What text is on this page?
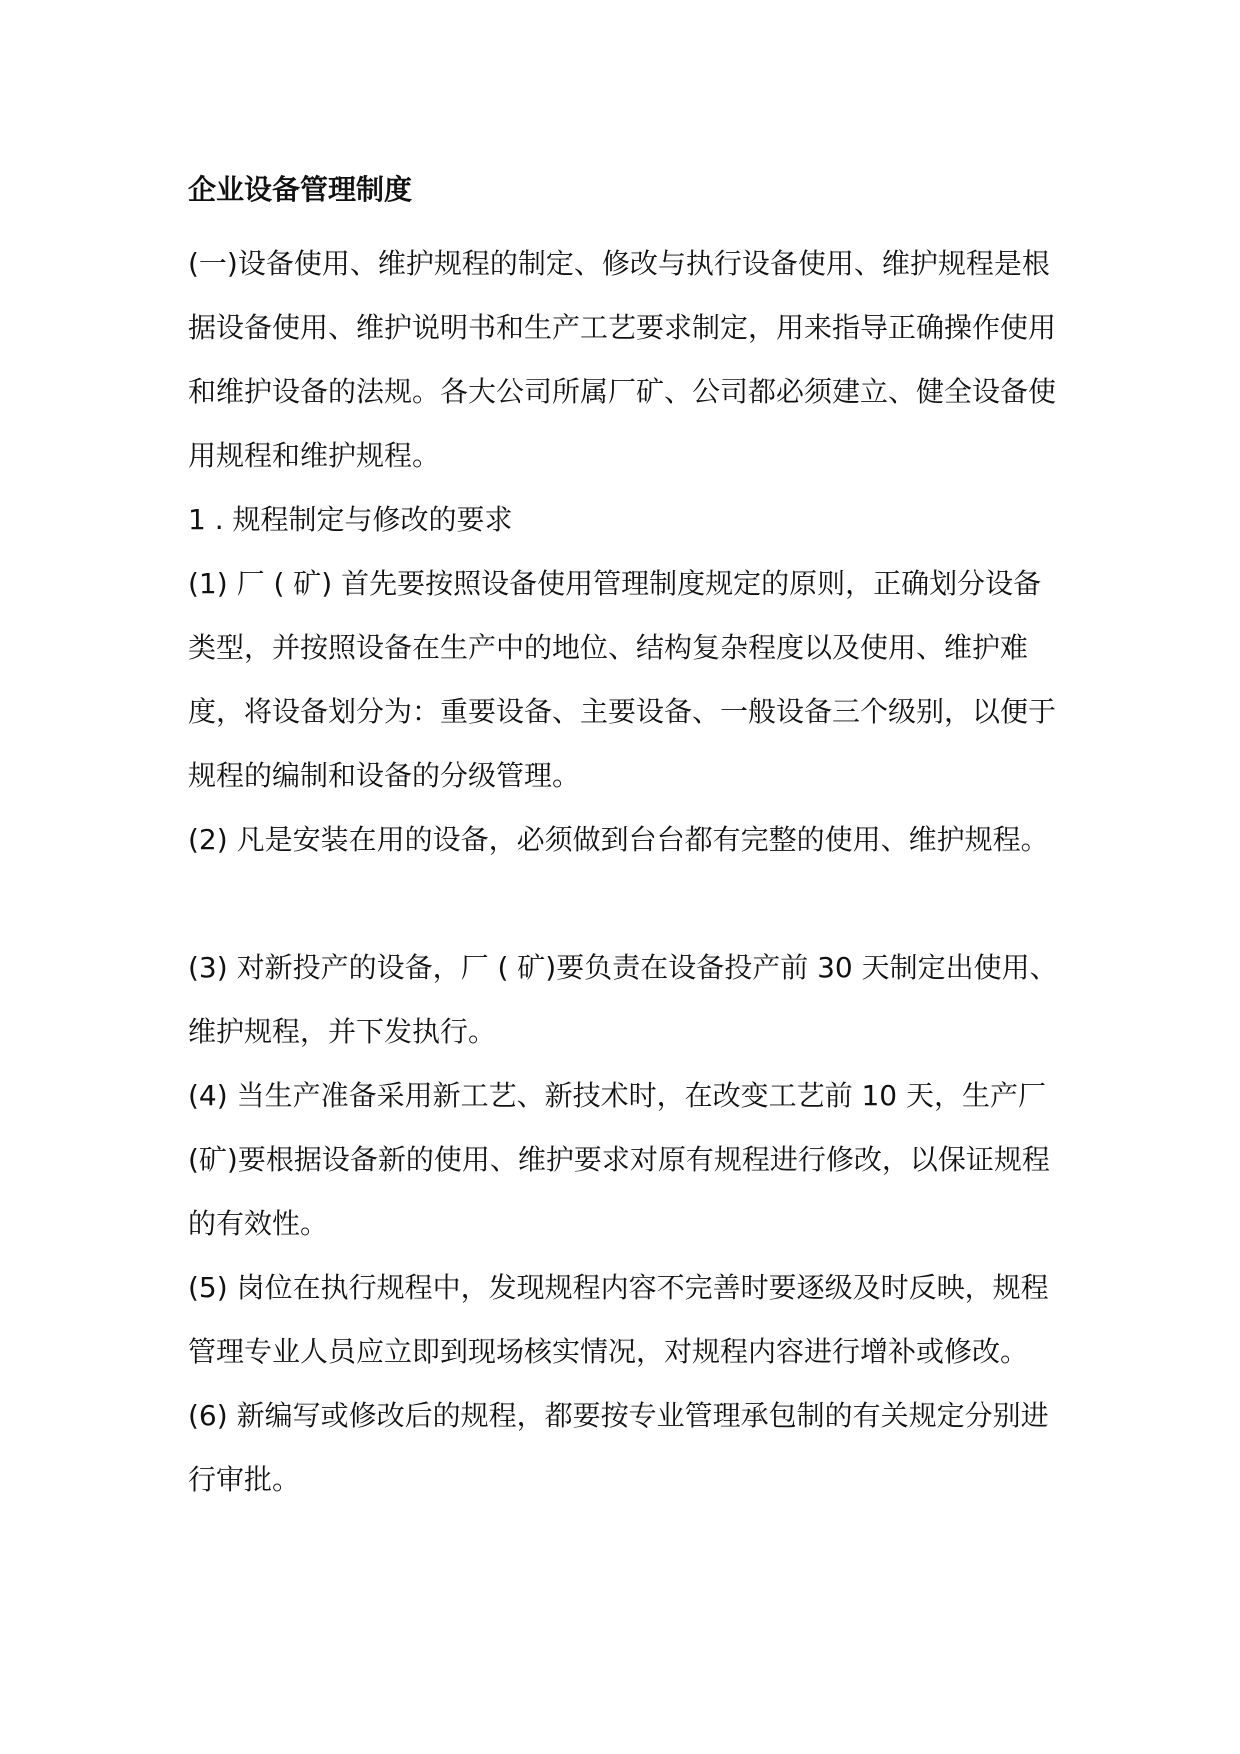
企业设备管理制度

(一)设备使用、维护规程的制定、修改与执行设备使用、维护规程是根据设备使用、维护说明书和生产工艺要求制定，用来指导正确操作使用和维护设备的法规。各大公司所属厂矿、公司都必须建立、健全设备使用规程和维护规程。

1 . 规程制定与修改的要求

(1) 厂 ( 矿) 首先要按照设备使用管理制度规定的原则，正确划分设备类型，并按照设备在生产中的地位、结构复杂程度以及使用、维护难度，将设备划分为：重要设备、主要设备、一般设备三个级别，以便于规程的编制和设备的分级管理。

(2) 凡是安装在用的设备，必须做到台台都有完整的使用、维护规程。

(3) 对新投产的设备，厂 ( 矿)要负责在设备投产前 30 天制定出使用、维护规程，并下发执行。

(4) 当生产准备采用新工艺、新技术时，在改变工艺前 10 天，生产厂(矿)要根据设备新的使用、维护要求对原有规程进行修改，以保证规程的有效性。

(5) 岗位在执行规程中，发现规程内容不完善时要逐级及时反映，规程管理专业人员应立即到现场核实情况，对规程内容进行增补或修改。

(6) 新编写或修改后的规程，都要按专业管理承包制的有关规定分别进行审批。
